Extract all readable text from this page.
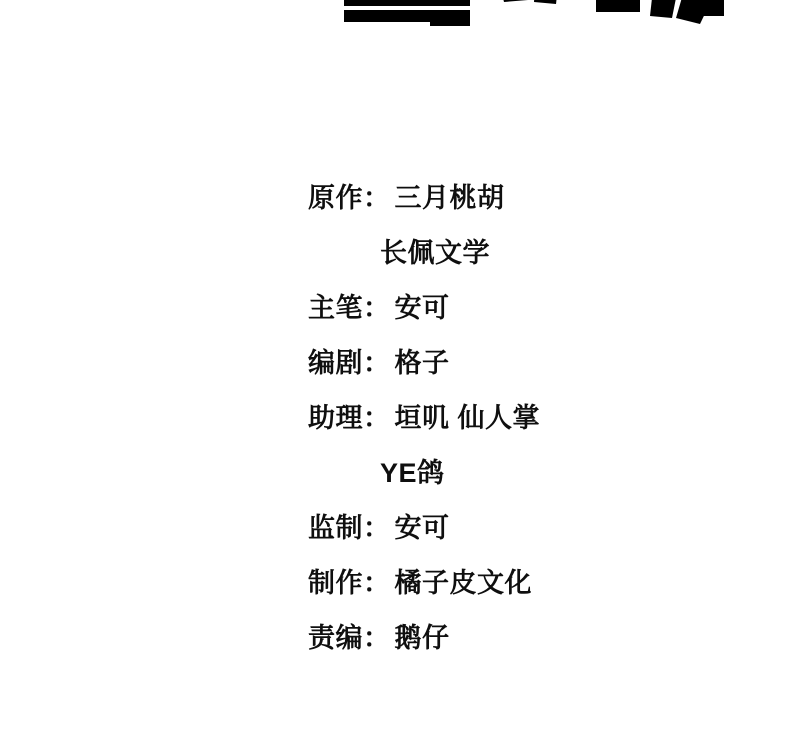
原作： 三月桃胡
长佩文学
主笔： 安可
编剧： 格子
助理： 垣叽 仙人掌
YE鸽
监制： 安可
制作： 橘子皮文化
责编： 鹅仔
